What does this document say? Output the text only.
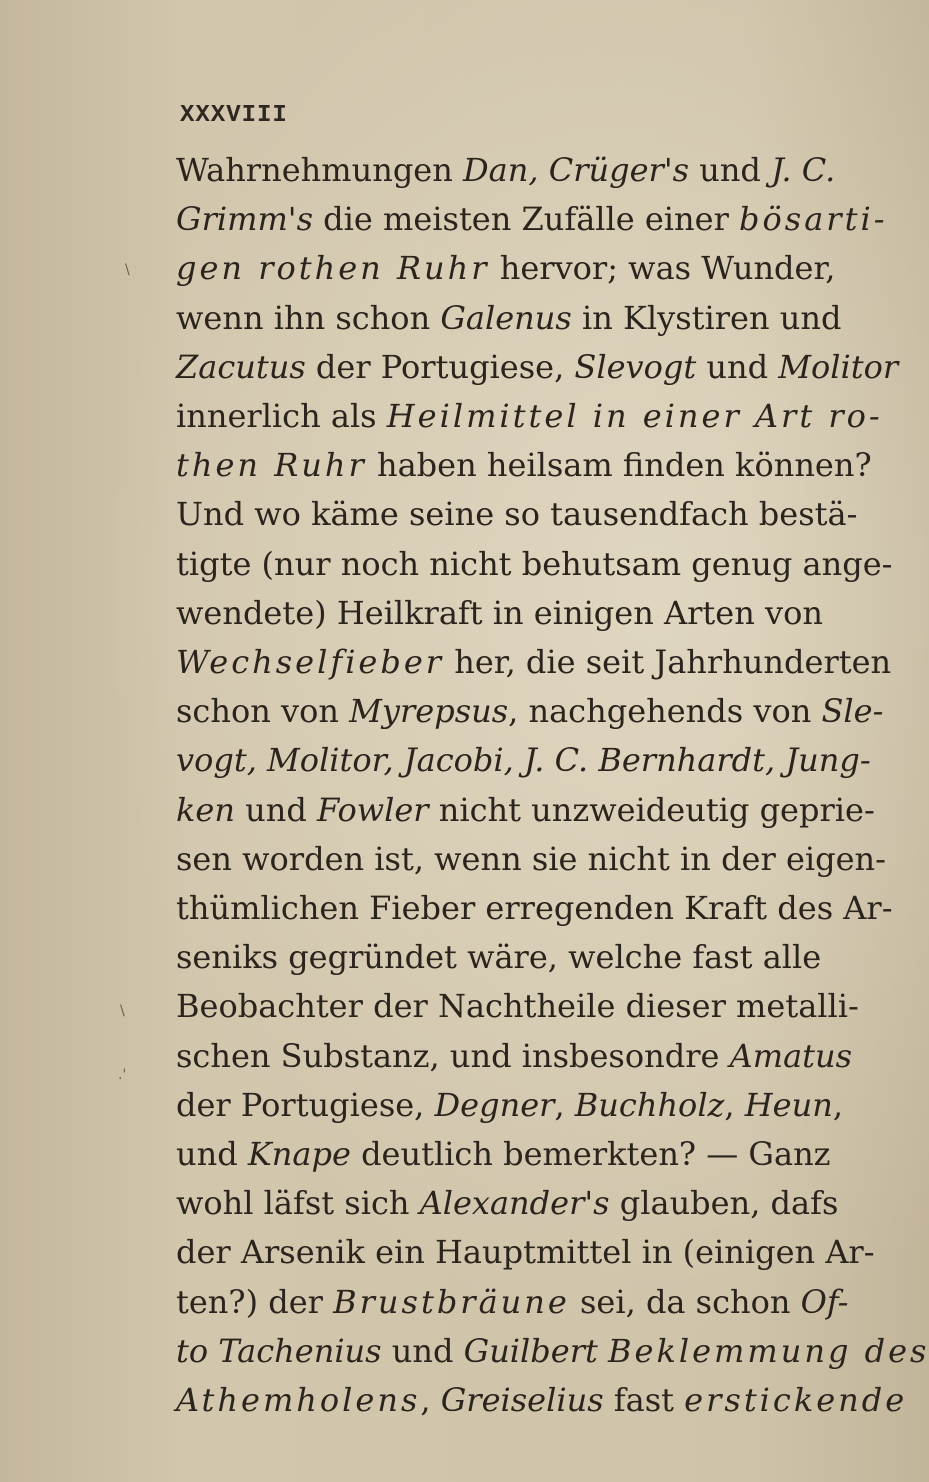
XXXVIII
Wahrnehmungen Dan, Crüger's und J. C.
Grimm's die meisten Zufälle einer bösarti-
gen rothen Ruhr hervor; was Wunder,
wenn ihn schon Galenus in Klystiren und
Zacutus der Portugiese, Slevogt und Molitor
innerlich als Heilmittel in einer Art ro-
then Ruhr haben heilsam finden können?
Und wo käme seine so tausendfach bestä-
tigte (nur noch nicht behutsam genug ange-
wendete) Heilkraft in einigen Arten von
Wechselfieber her, die seit Jahrhunderten
schon von Myrepsus, nachgehends von Sle-
vogt, Molitor, Jacobi, J. C. Bernhardt, Jung-
ken und Fowler nicht unzweideutig geprie-
sen worden ist, wenn sie nicht in der eigen-
thümlichen Fieber erregenden Kraft des Ar-
seniks gegründet wäre, welche fast alle
Beobachter der Nachtheile dieser metalli-
schen Substanz, und insbesondre Amatus
der Portugiese, Degner, Buchholz, Heun,
und Knape deutlich bemerkten? — Ganz
wohl läfst sich Alexander's glauben, dafs
der Arsenik ein Hauptmittel in (einigen Ar-
ten?) der Brustbräune sei, da schon Of-
to Tachenius und Guilbert Beklemmung des
Athemholens, Greiselius fast erstickende
\
\
.'
